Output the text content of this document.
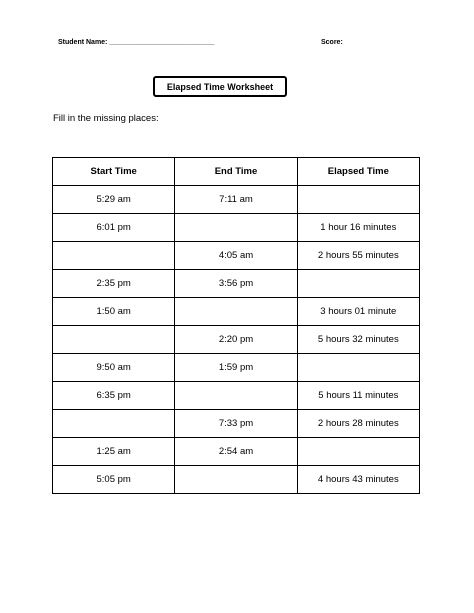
Student Name: ___________________________	Score:
Elapsed Time Worksheet
Fill in the missing places:
Start Time	End Time	Elapsed Time
5:29 am	7:11 am	
6:01 pm		1 hour 16 minutes
	4:05 am	2 hours 55 minutes
2:35 pm	3:56 pm	
1:50 am		3 hours 01 minute
	2:20 pm	5 hours 32 minutes
9:50 am	1:59 pm	
6:35 pm		5 hours 11 minutes
	7:33 pm	2 hours 28 minutes
1:25 am	2:54 am	
5:05 pm		4 hours 43 minutes
